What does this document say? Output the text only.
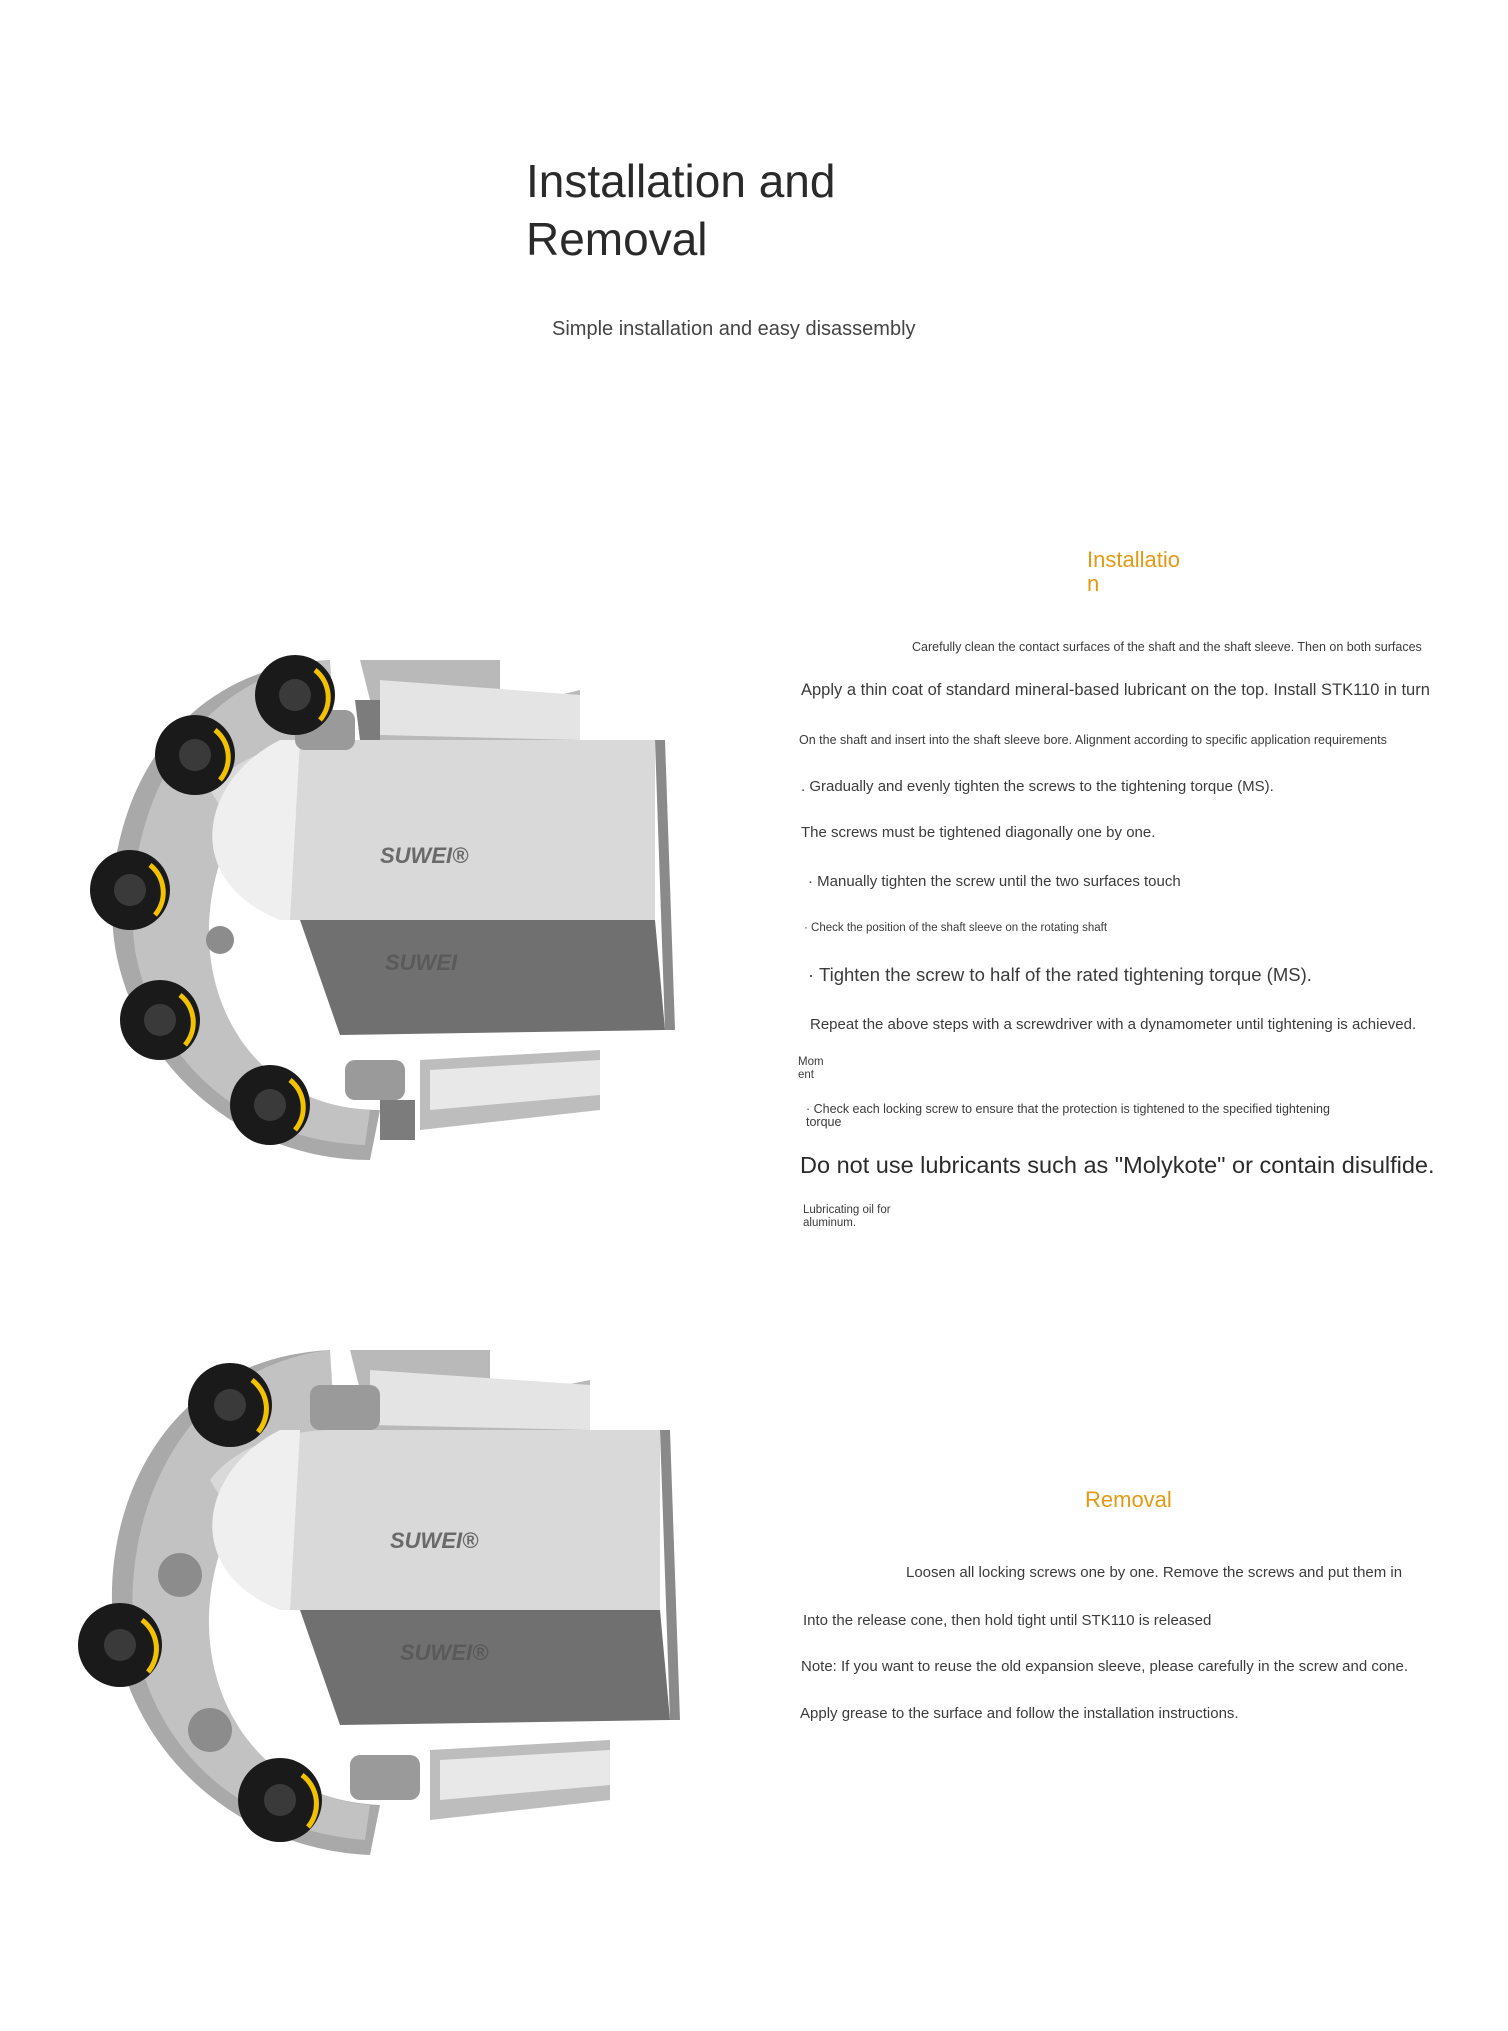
Installation and
Removal
Simple installation and easy disassembly
SUWEI®
SUWEI
Installatio
n
Carefully clean the contact surfaces of the shaft and the shaft sleeve. Then on both surfaces
Apply a thin coat of standard mineral-based lubricant on the top. Install STK110 in turn
On the shaft and insert into the shaft sleeve bore. Alignment according to specific application requirements
. Gradually and evenly tighten the screws to the tightening torque (MS).
The screws must be tightened diagonally one by one.
· Manually tighten the screw until the two surfaces touch
· Check the position of the shaft sleeve on the rotating shaft
· Tighten the screw to half of the rated tightening torque (MS).
Repeat the above steps with a screwdriver with a dynamometer until tightening is achieved.
Mom
ent
· Check each locking screw to ensure that the protection is tightened to the specified tightening
torque
Do not use lubricants such as "Molykote" or contain disulfide.
Lubricating oil for
aluminum.
SUWEI®
SUWEI®
Removal
Loosen all locking screws one by one. Remove the screws and put them in
Into the release cone, then hold tight until STK110 is released
Note: If you want to reuse the old expansion sleeve, please carefully in the screw and cone.
Apply grease to the surface and follow the installation instructions.
